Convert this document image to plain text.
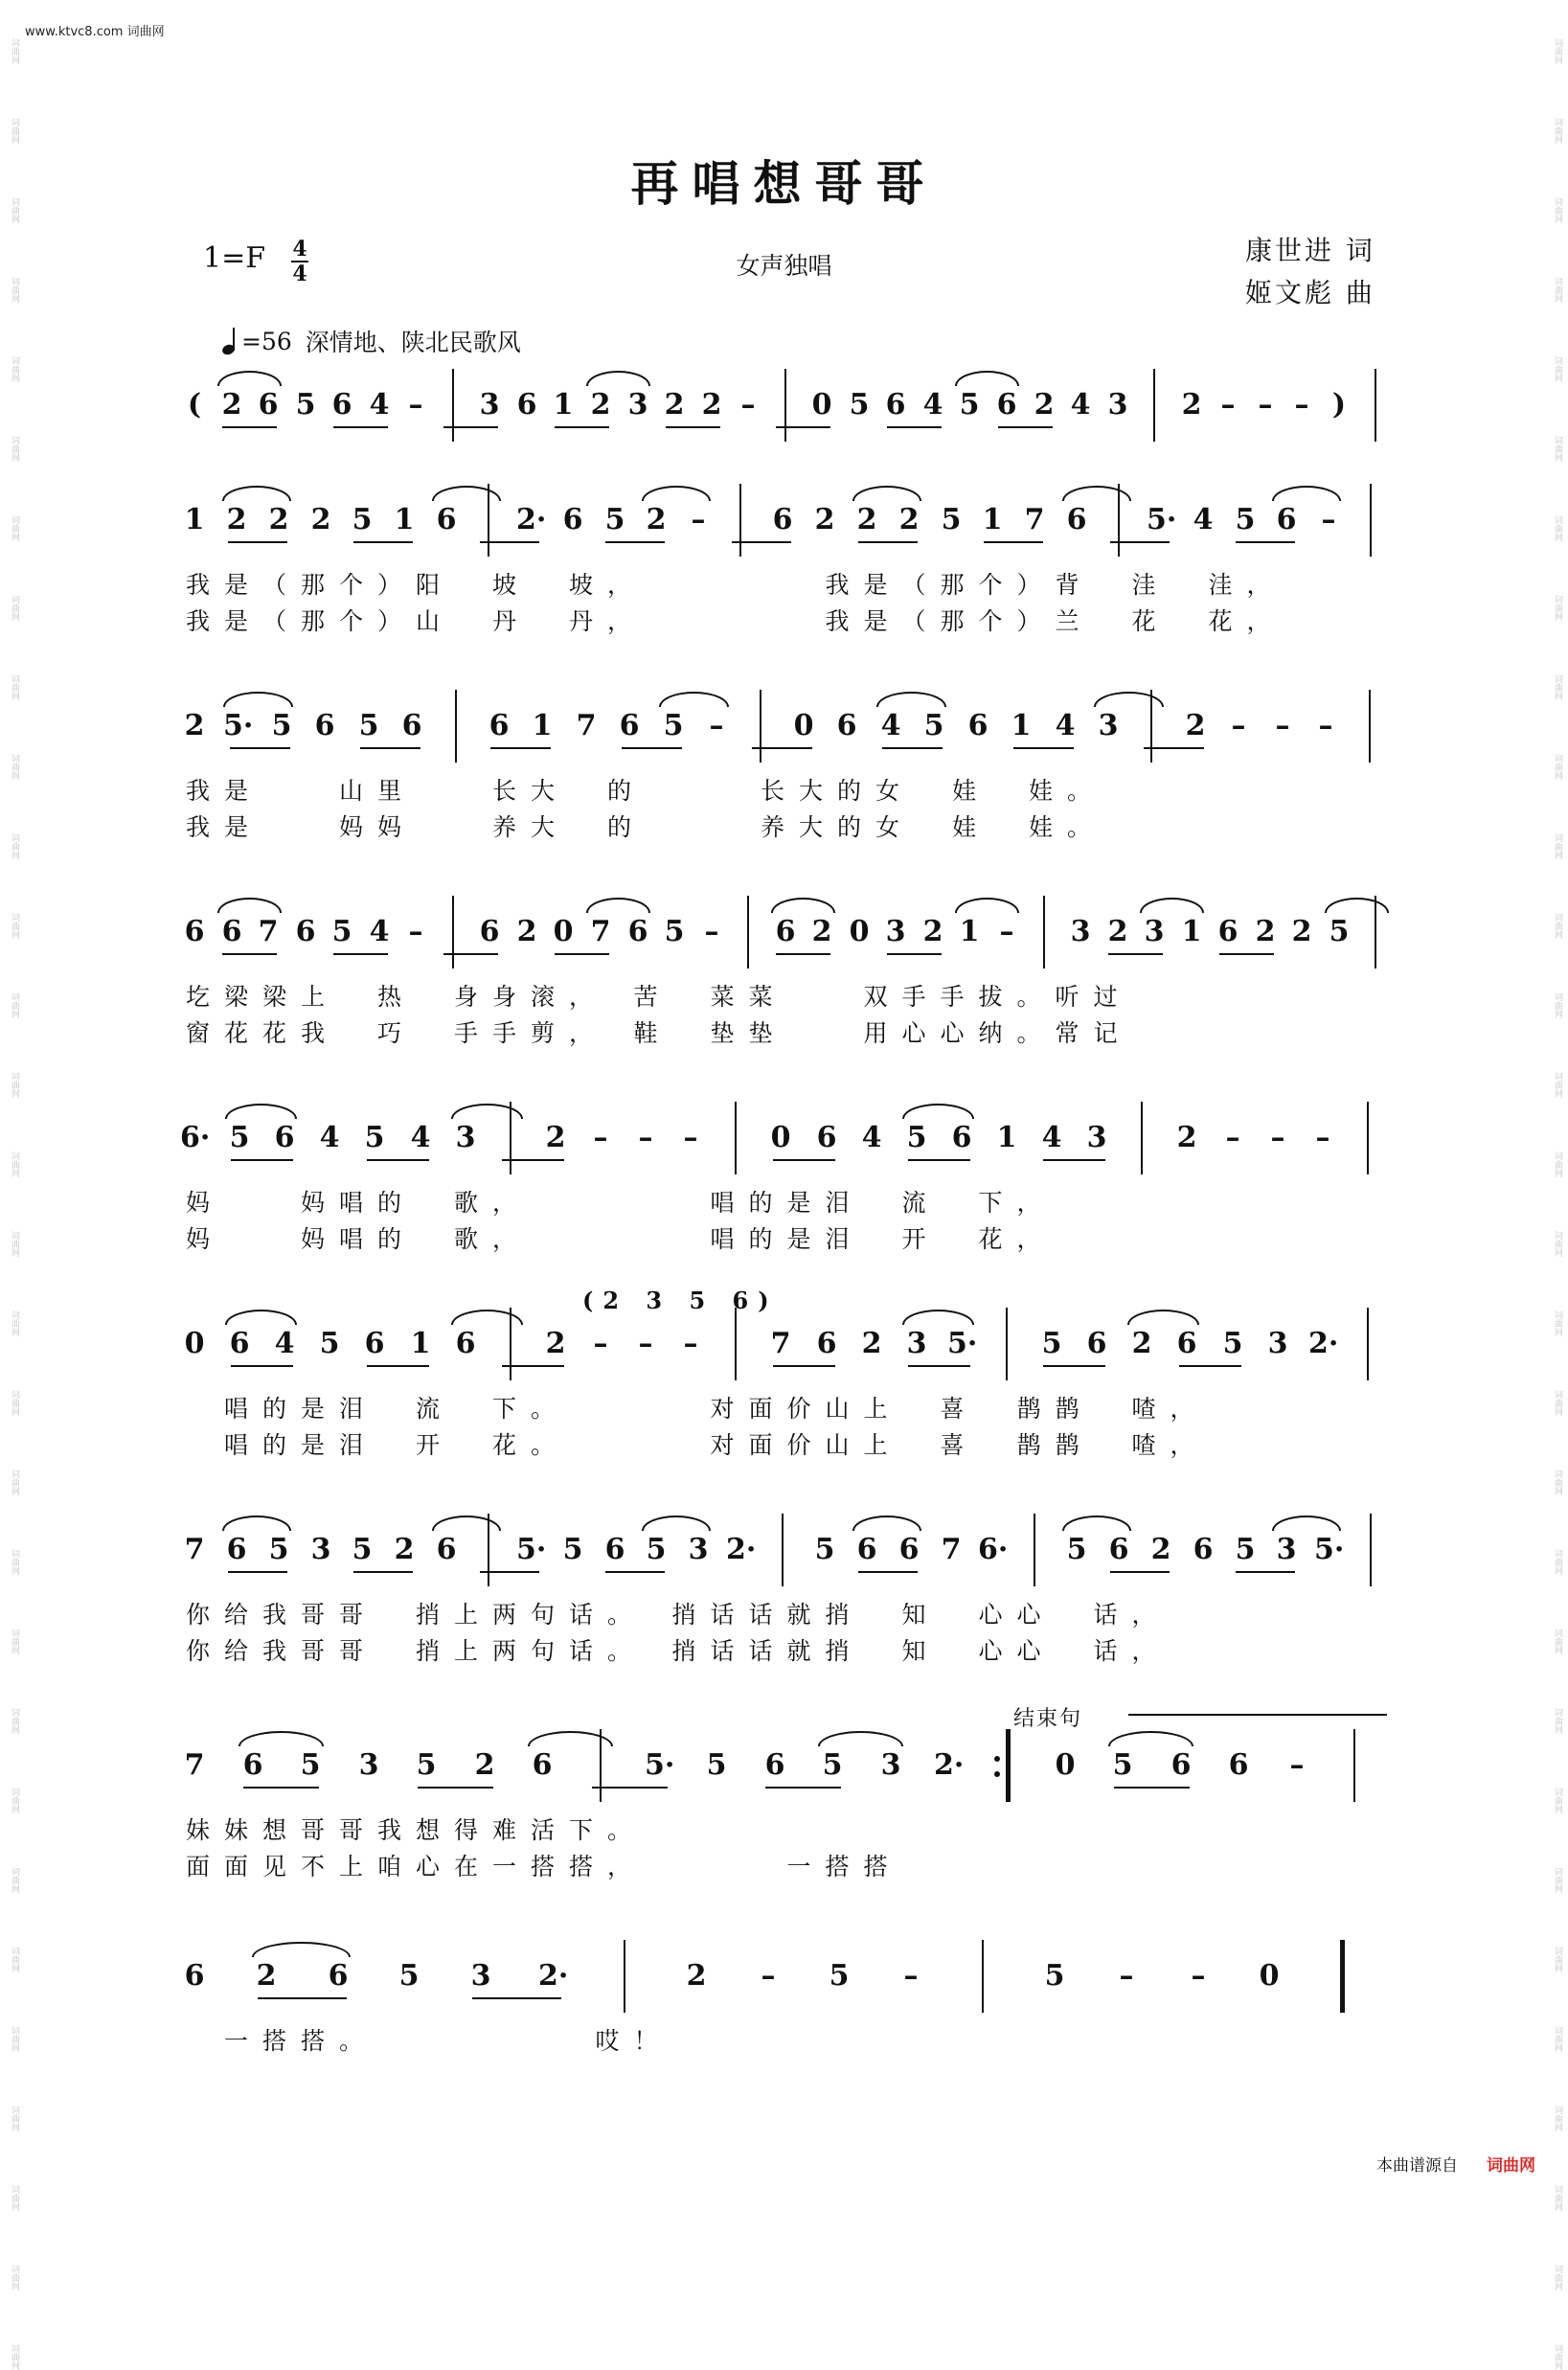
www.ktvc8.com 词曲网
词曲网
词曲网
词曲网
词曲网
词曲网
词曲网
词曲网
词曲网
词曲网
词曲网
词曲网
词曲网
词曲网
词曲网
词曲网
词曲网
词曲网
词曲网
词曲网
词曲网
词曲网
词曲网
词曲网
词曲网
词曲网
词曲网
词曲网
词曲网
词曲网
词曲网
词曲网
词曲网
词曲网
词曲网
词曲网
词曲网
词曲网
词曲网
词曲网
词曲网
词曲网
词曲网
词曲网
词曲网
词曲网
词曲网
词曲网
词曲网
词曲网
词曲网
词曲网
词曲网
词曲网
词曲网
词曲网
词曲网
词曲网
词曲网
词曲网
词曲网
再唱想哥哥
1=F 4
4	女声独唱	康世进 词
姬文彪 曲
=56 深情地、陕北民歌风
( 2 6 5 6 4 – 3 6 1 2 3 2 2 – 0 5 6 4 5 6 2 4 3 2 – – – )
1 2 2 2 5 1 6 2· 6 5 2 – 6 2 2 2 5 1 7 6 5· 4 5 6 –
我是（那个）阳　坡　坡，　　　　　我是（那个）背　洼　洼，
我是（那个）山　丹　丹，　　　　　我是（那个）兰　花　花，
2 5· 5 6 5 6 6 1 7 6 5 – 0 6 4 5 6 1 4 3 2 – – –
我是　　山里　　长大　的　　　长大的女　娃　娃。
我是　　妈妈　　养大　的　　　养大的女　娃　娃。
6 6 7 6 5 4 – 6 2 0 7 6 5 – 6 2 0 3 2 1 – 3 2 3 1 6 2 2 5
圪梁梁上　热　身身滚，　苦　菜菜　　双手手拔。听过
窗花花我　巧　手手剪，　鞋　垫垫　　用心心纳。常记
6· 5 6 4 5 4 3 2 – – –	0 6 4 5 6 1 4 3 2 – – –
妈　　妈唱的　歌，　　　　　唱的是泪　流　下，
妈　　妈唱的　歌，　　　　　唱的是泪　开　花，
0 6 4 5 6 1 6 2 – – –	7 6 2 3 5· 5 6 2 6 5 3 2·
(2 3 5 6)
　唱的是泪　流　下。　　　　对面价山上　喜　鹊鹊　喳，
　唱的是泪　开　花。　　　　对面价山上　喜　鹊鹊　喳，
7 6 5 3 5 2 6 5· 5 6 5 3 2· 5 6 6 7 6· 5 6 2 6 5 3 5·
你给我哥哥　捎上两句话。　捎话话就捎　知　心心　话，
你给我哥哥　捎上两句话。　捎话话就捎　知　心心　话，
7 6 5 3 5 2 6	5· 5 6 5 3 2·	0 5 6 6 –
结束句
妹妹想哥哥我想得难活下。
面面见不上咱心在一搭搭，　　　　一搭搭
6 2 6 5 3 2·	2 – 5 –	5 – – 0
　一搭搭。　　　　　　哎！
本曲谱源自 词曲网
